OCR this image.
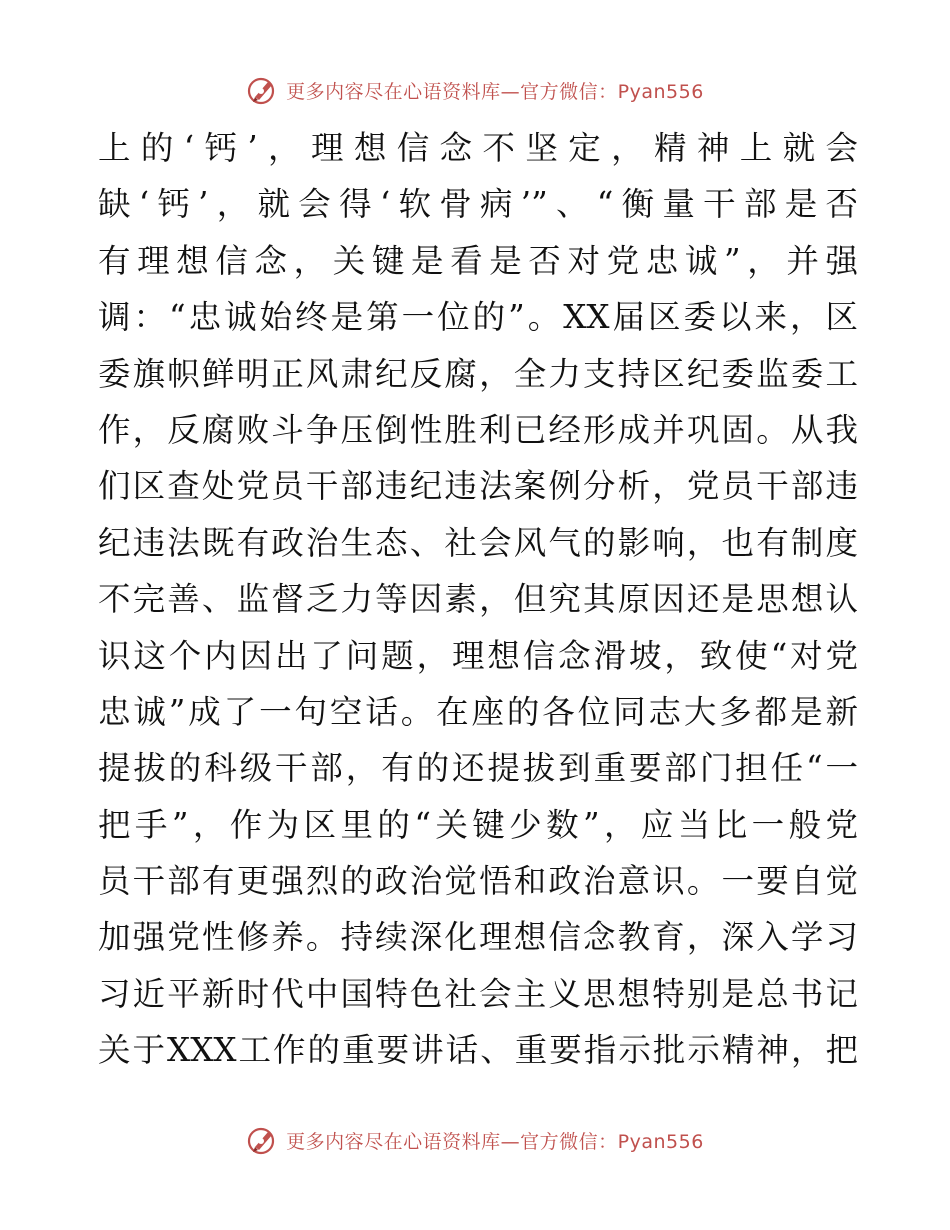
更多内容尽在心语资料库—官方微信：Pyan556
上的‘钙’，理想信念不坚定，精神上就会
缺‘钙’，就会得‘软骨病’”、“衡量干部是否
有理想信念，关键是看是否对党忠诚”，并强
调：“忠诚始终是第一位的”。XX届区委以来，区
委旗帜鲜明正风肃纪反腐，全力支持区纪委监委工
作，反腐败斗争压倒性胜利已经形成并巩固。从我
们区查处党员干部违纪违法案例分析，党员干部违
纪违法既有政治生态、社会风气的影响，也有制度
不完善、监督乏力等因素，但究其原因还是思想认
识这个内因出了问题，理想信念滑坡，致使“对党
忠诚”成了一句空话。在座的各位同志大多都是新
提拔的科级干部，有的还提拔到重要部门担任“一
把手”，作为区里的“关键少数”，应当比一般党
员干部有更强烈的政治觉悟和政治意识。一要自觉
加强党性修养。持续深化理想信念教育，深入学习
习近平新时代中国特色社会主义思想特别是总书记
关于XXX工作的重要讲话、重要指示批示精神，把
更多内容尽在心语资料库—官方微信：Pyan556
